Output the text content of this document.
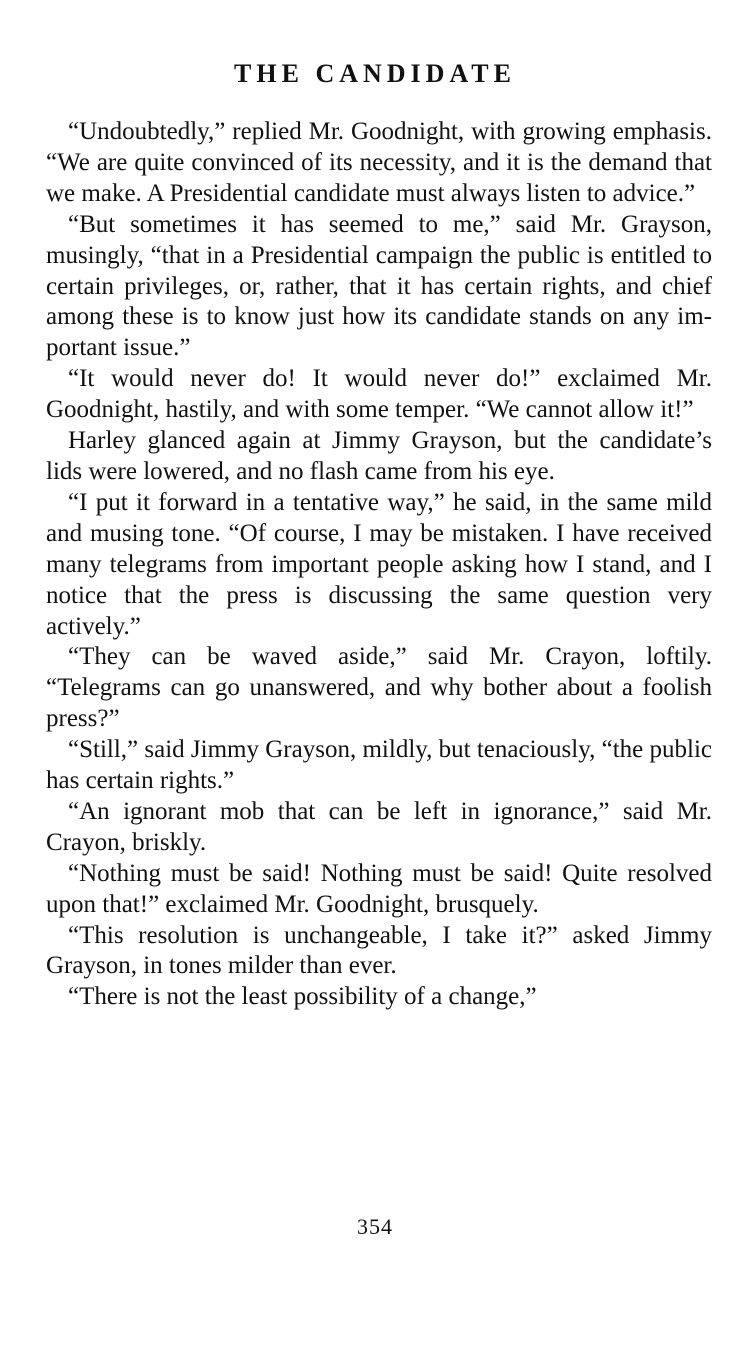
THE CANDIDATE

“Undoubtedly,” replied Mr. Goodnight, with growing emphasis. “We are quite convinced of its necessity, and it is the demand that we make. A Presidential candidate must always listen to advice.”

“But sometimes it has seemed to me,” said Mr. Grayson, musingly, “that in a Presidential campaign the public is entitled to certain privileges, or, rather, that it has certain rights, and chief among these is to know just how its candidate stands on any important issue.”

“It would never do! It would never do!” exclaimed Mr. Goodnight, hastily, and with some temper. “We cannot allow it!”

Harley glanced again at Jimmy Grayson, but the candidate’s lids were lowered, and no flash came from his eye.

“I put it forward in a tentative way,” he said, in the same mild and musing tone. “Of course, I may be mistaken. I have received many telegrams from important people asking how I stand, and I notice that the press is discussing the same question very actively.”

“They can be waved aside,” said Mr. Crayon, loftily. “Telegrams can go unanswered, and why bother about a foolish press?”

“Still,” said Jimmy Grayson, mildly, but tenaciously, “the public has certain rights.”

“An ignorant mob that can be left in ignorance,” said Mr. Crayon, briskly.

“Nothing must be said! Nothing must be said! Quite resolved upon that!” exclaimed Mr. Goodnight, brusquely.

“This resolution is unchangeable, I take it?” asked Jimmy Grayson, in tones milder than ever.

“There is not the least possibility of a change,”

354
